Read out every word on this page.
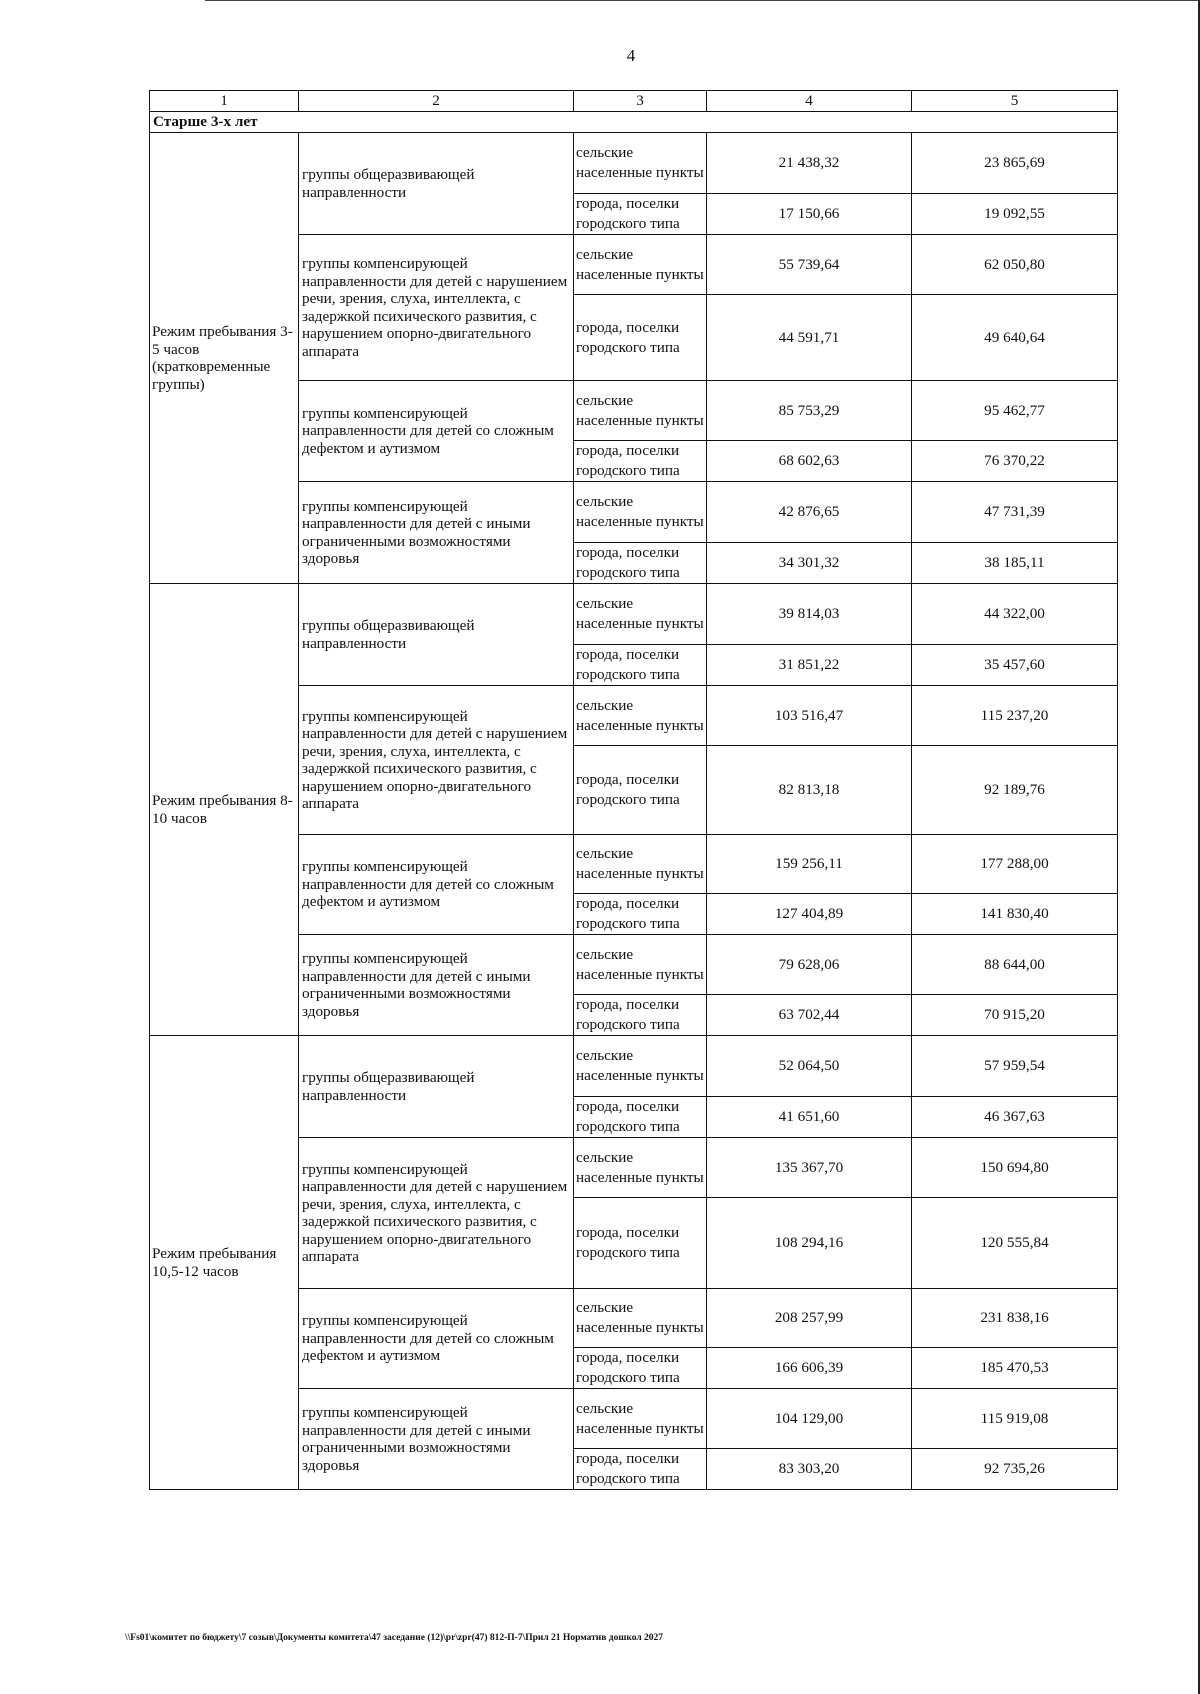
4
1	2	3	4	5
Старше 3-х лет				
Режим пребывания 3-5 часов (кратковременные группы)	группы общеразвивающей направленности	сельские населенные пункты	21 438,32	23 865,69
		города, поселки городского типа	17 150,66	19 092,55
	группы компенсирующей направленности для детей с нарушением речи, зрения, слуха, интеллекта, с задержкой психического развития, с нарушением опорно-двигательного аппарата	сельские населенные пункты	55 739,64	62 050,80
		города, поселки городского типа	44 591,71	49 640,64
	группы компенсирующей направленности для детей со сложным дефектом и аутизмом	сельские населенные пункты	85 753,29	95 462,77
		города, поселки городского типа	68 602,63	76 370,22
	группы компенсирующей направленности для детей с иными ограниченными возможностями здоровья	сельские населенные пункты	42 876,65	47 731,39
		города, поселки городского типа	34 301,32	38 185,11
Режим пребывания 8-10 часов	группы общеразвивающей направленности	сельские населенные пункты	39 814,03	44 322,00
		города, поселки городского типа	31 851,22	35 457,60
	группы компенсирующей направленности для детей с нарушением речи, зрения, слуха, интеллекта, с задержкой психического развития, с нарушением опорно-двигательного аппарата	сельские населенные пункты	103 516,47	115 237,20
		города, поселки городского типа	82 813,18	92 189,76
	группы компенсирующей направленности для детей со сложным дефектом и аутизмом	сельские населенные пункты	159 256,11	177 288,00
		города, поселки городского типа	127 404,89	141 830,40
	группы компенсирующей направленности для детей с иными ограниченными возможностями здоровья	сельские населенные пункты	79 628,06	88 644,00
		города, поселки городского типа	63 702,44	70 915,20
Режим пребывания 10,5-12 часов	группы общеразвивающей направленности	сельские населенные пункты	52 064,50	57 959,54
		города, поселки городского типа	41 651,60	46 367,63
	группы компенсирующей направленности для детей с нарушением речи, зрения, слуха, интеллекта, с задержкой психического развития, с нарушением опорно-двигательного аппарата	сельские населенные пункты	135 367,70	150 694,80
		города, поселки городского типа	108 294,16	120 555,84
	группы компенсирующей направленности для детей со сложным дефектом и аутизмом	сельские населенные пункты	208 257,99	231 838,16
		города, поселки городского типа	166 606,39	185 470,53
	группы компенсирующей направленности для детей с иными ограниченными возможностями здоровья	сельские населенные пункты	104 129,00	115 919,08
		города, поселки городского типа	83 303,20	92 735,26
\\Fs01\комитет по бюджету\7 созыв\Документы комитета\47 заседание (12)\pr\zpr(47) 812-П-7\Прил 21 Норматив дошкол 2027
